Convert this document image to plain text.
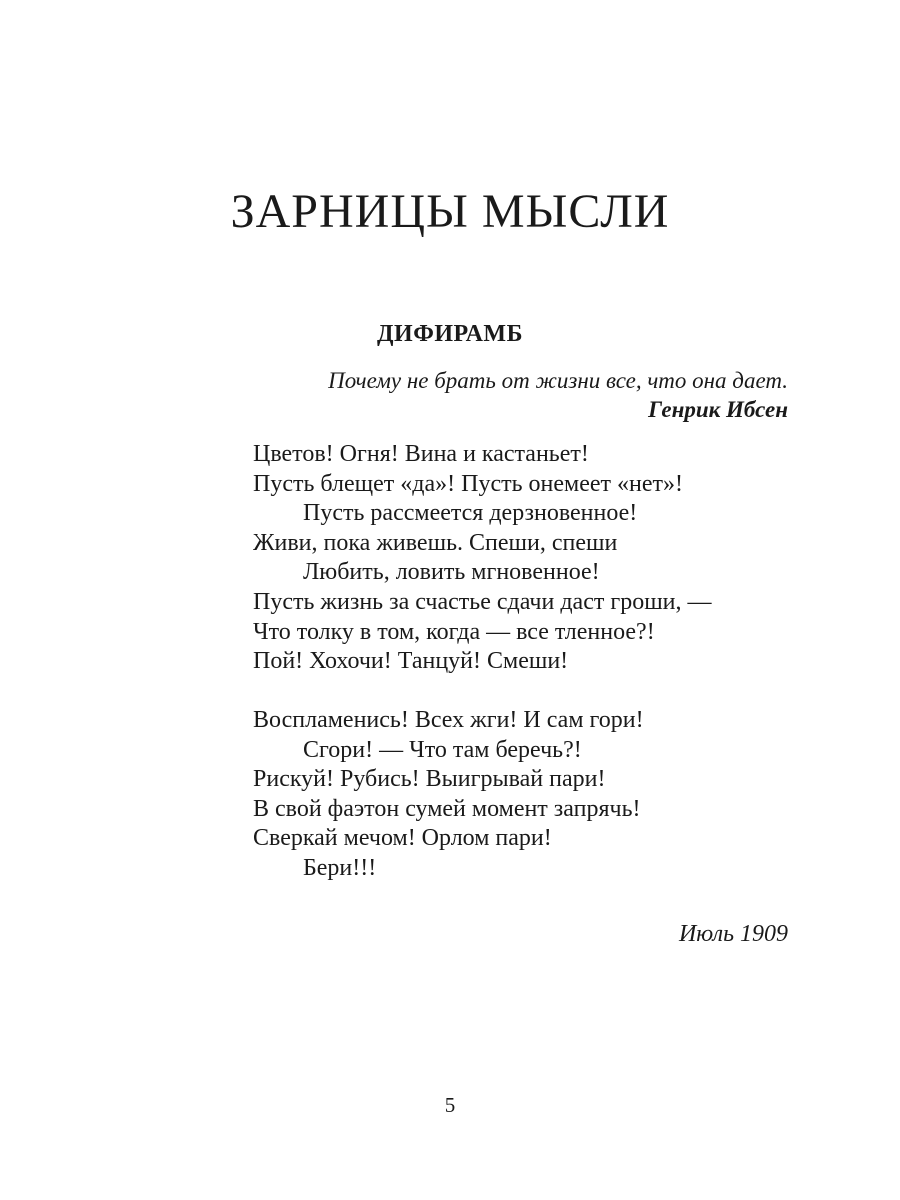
ЗАРНИЦЫ МЫСЛИ
ДИФИРАМБ
Почему не брать от жизни все, что она дает.
Генрик Ибсен
Цветов! Огня! Вина и кастаньет!
Пусть блещет «да»! Пусть онемеет «нет»!
Пусть рассмеется дерзновенное!
Живи, пока живешь. Спеши, спеши
Любить, ловить мгновенное!
Пусть жизнь за счастье сдачи даст гроши, —
Что толку в том, когда — все тленное?!
Пой! Хохочи! Танцуй! Смеши!
Воспламенись! Всех жги! И сам гори!
Сгори! — Что там беречь?!
Рискуй! Рубись! Выигрывай пари!
В свой фаэтон сумей момент запрячь!
Сверкай мечом! Орлом пари!
Бери!!!
Июль 1909
5
